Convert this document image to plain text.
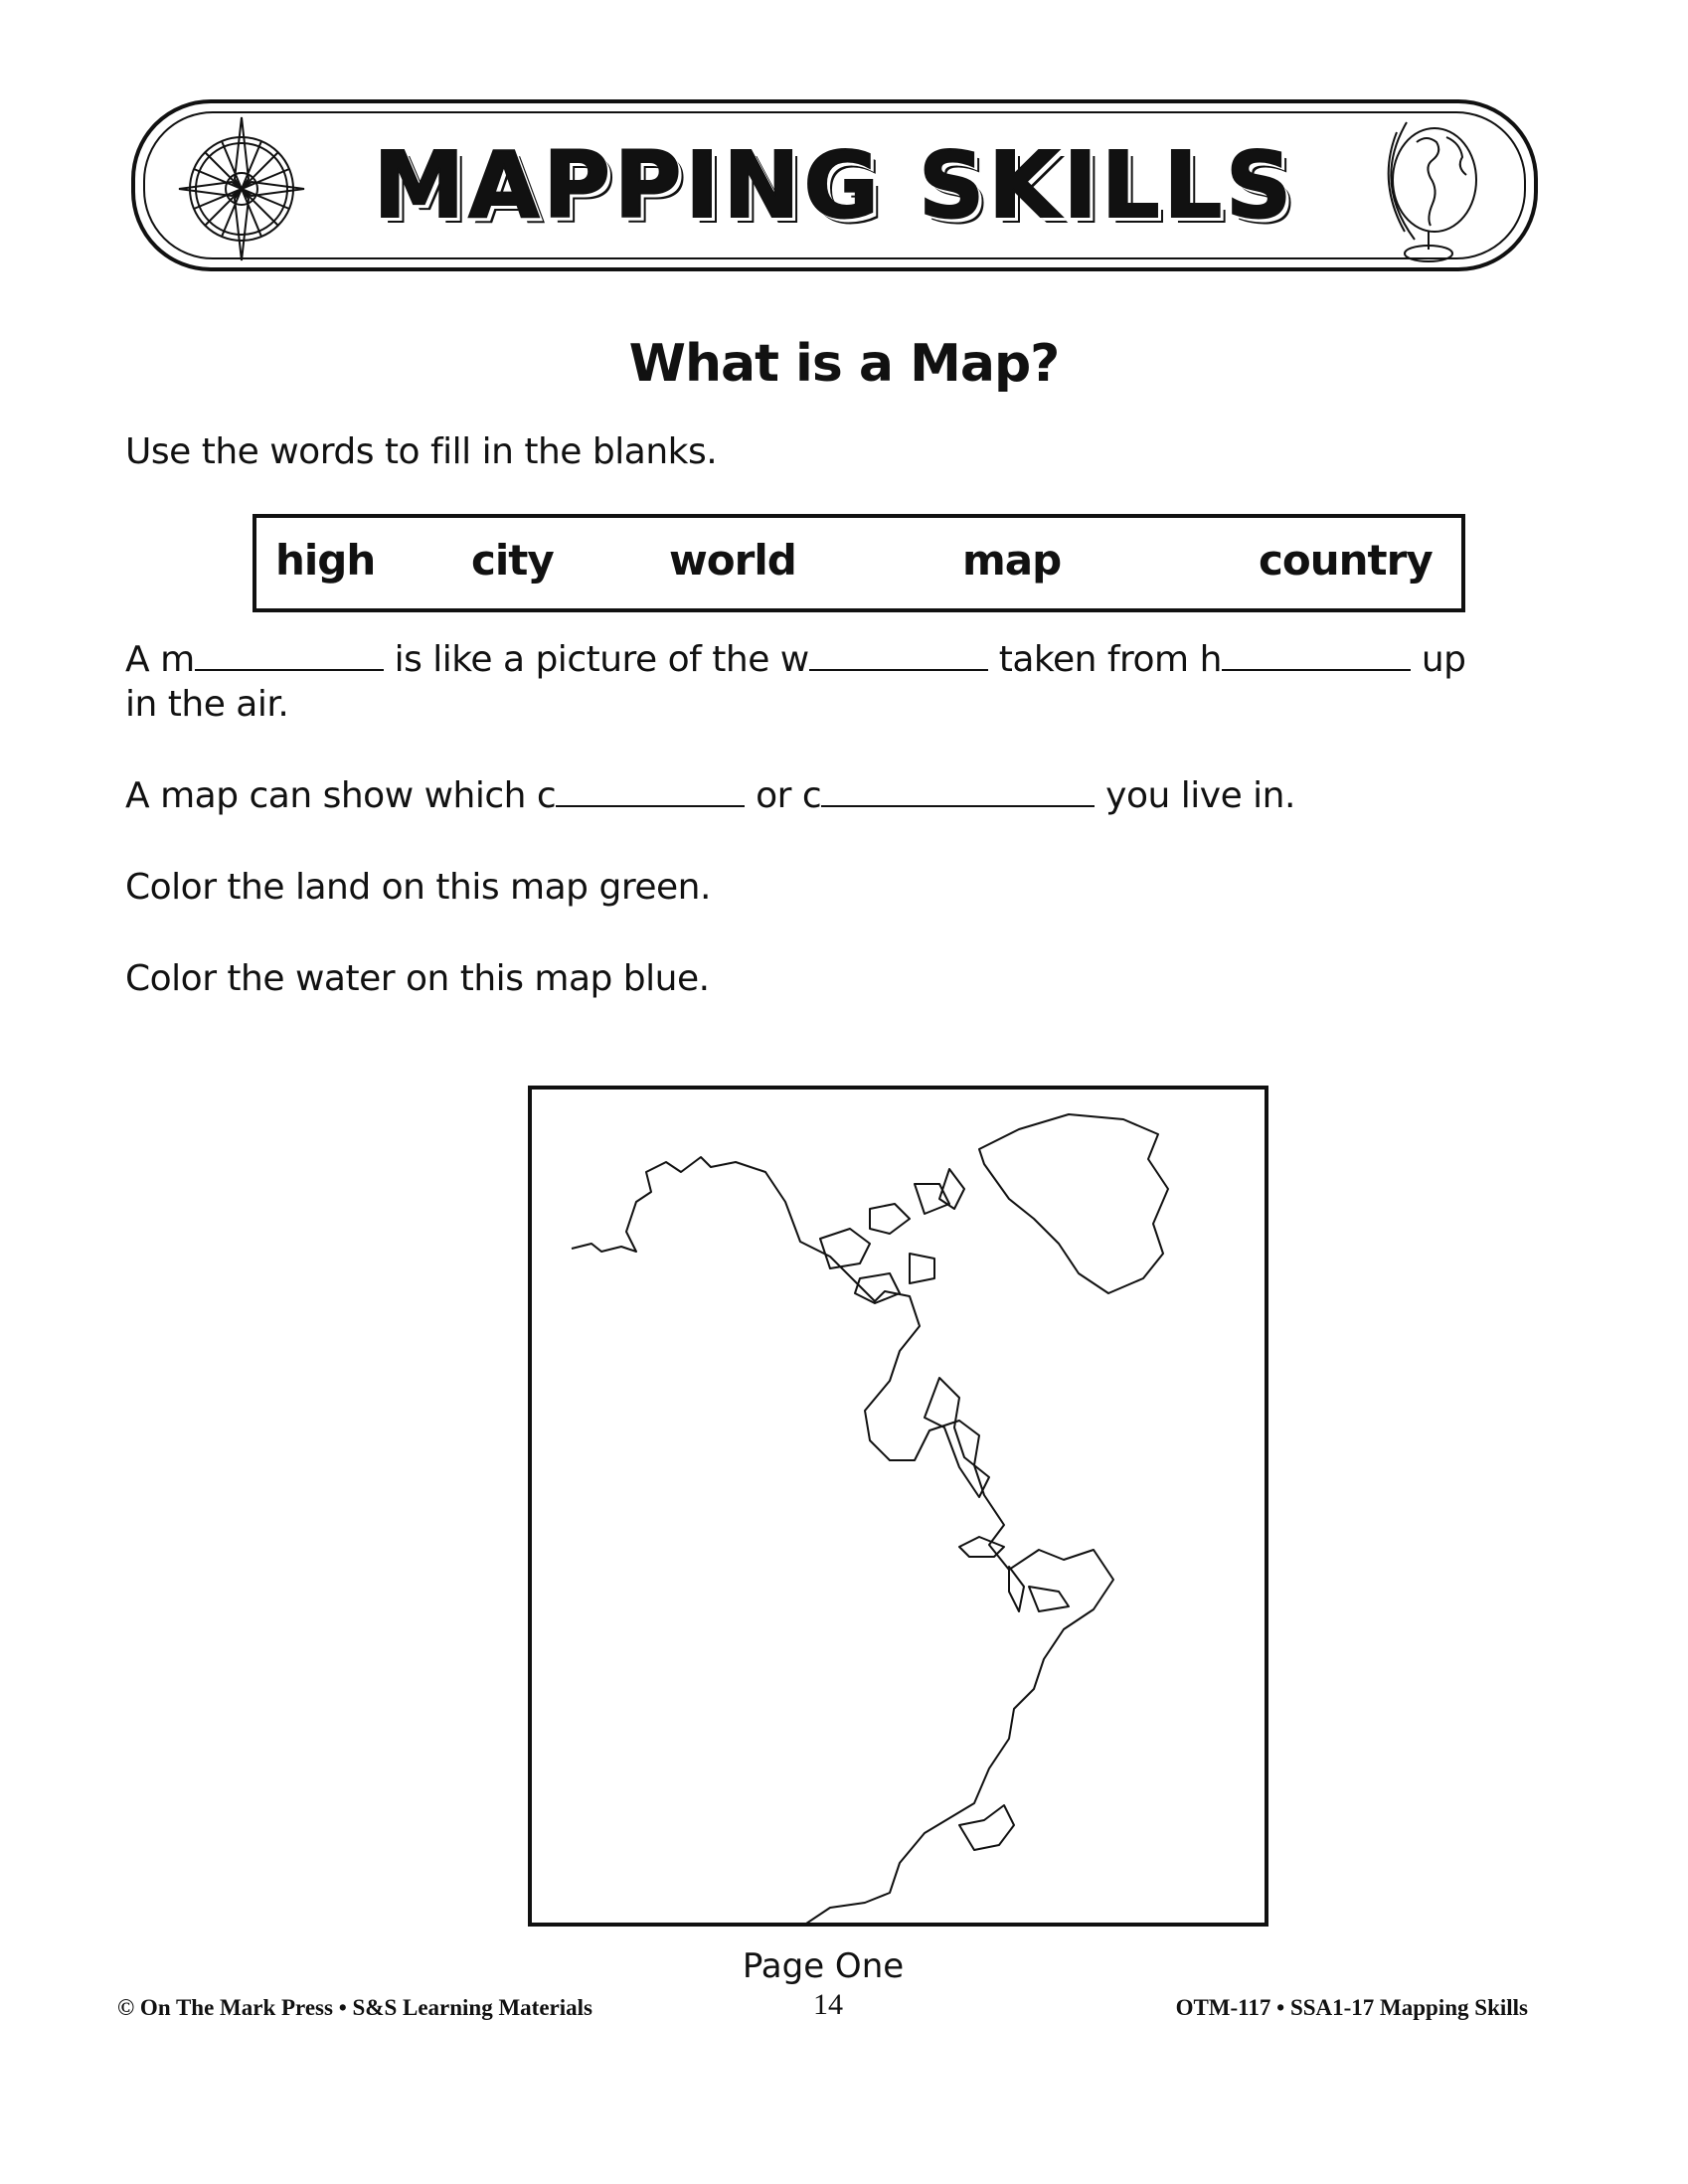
MAPPING SKILLS
What is a Map?
Use the words to fill in the blanks.
high city	world	map	country
A m	is like a picture of the w	taken from h	up
in the air.
A map can show which c	or c	you live in.
Color the land on this map green.
Color the water on this map blue.
Page One
14
© On The Mark Press • S&S Learning Materials	OTM-117 • SSA1-17 Mapping Skills
